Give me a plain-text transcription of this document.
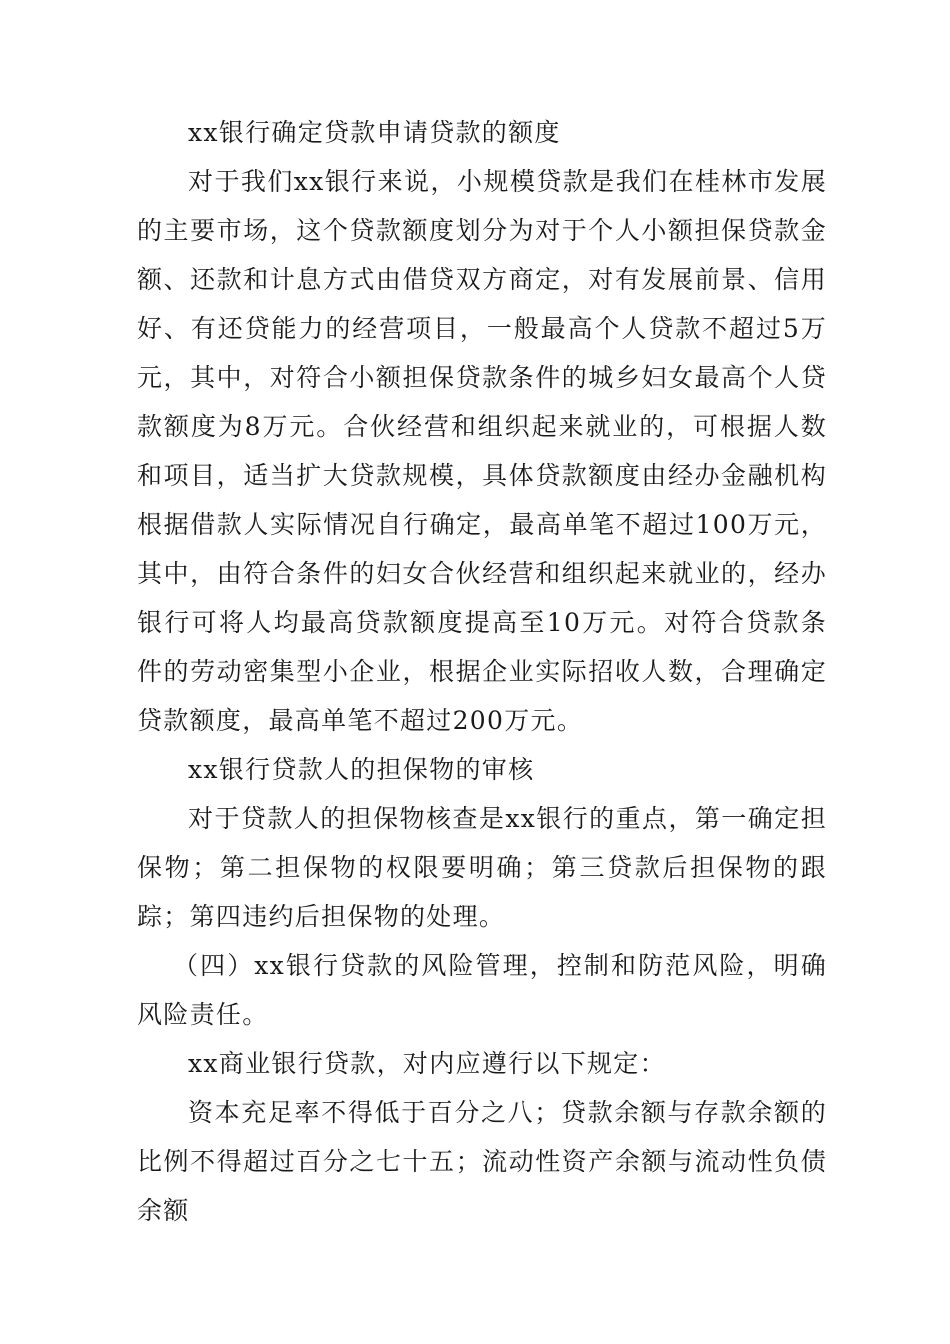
xx银行确定贷款申请贷款的额度

对于我们xx银行来说，小规模贷款是我们在桂林市发展的主要市场，这个贷款额度划分为对于个人小额担保贷款金额、还款和计息方式由借贷双方商定，对有发展前景、信用好、有还贷能力的经营项目，一般最高个人贷款不超过5万元，其中，对符合小额担保贷款条件的城乡妇女最高个人贷款额度为8万元。合伙经营和组织起来就业的，可根据人数和项目，适当扩大贷款规模，具体贷款额度由经办金融机构根据借款人实际情况自行确定，最高单笔不超过100万元，其中，由符合条件的妇女合伙经营和组织起来就业的，经办银行可将人均最高贷款额度提高至10万元。对符合贷款条件的劳动密集型小企业，根据企业实际招收人数，合理确定贷款额度，最高单笔不超过200万元。

xx银行贷款人的担保物的审核

对于贷款人的担保物核查是xx银行的重点，第一确定担保物；第二担保物的权限要明确；第三贷款后担保物的跟踪；第四违约后担保物的处理。

（四）xx银行贷款的风险管理，控制和防范风险，明确风险责任。

xx商业银行贷款，对内应遵行以下规定：

资本充足率不得低于百分之八；贷款余额与存款余额的比例不得超过百分之七十五；流动性资产余额与流动性负债余额
